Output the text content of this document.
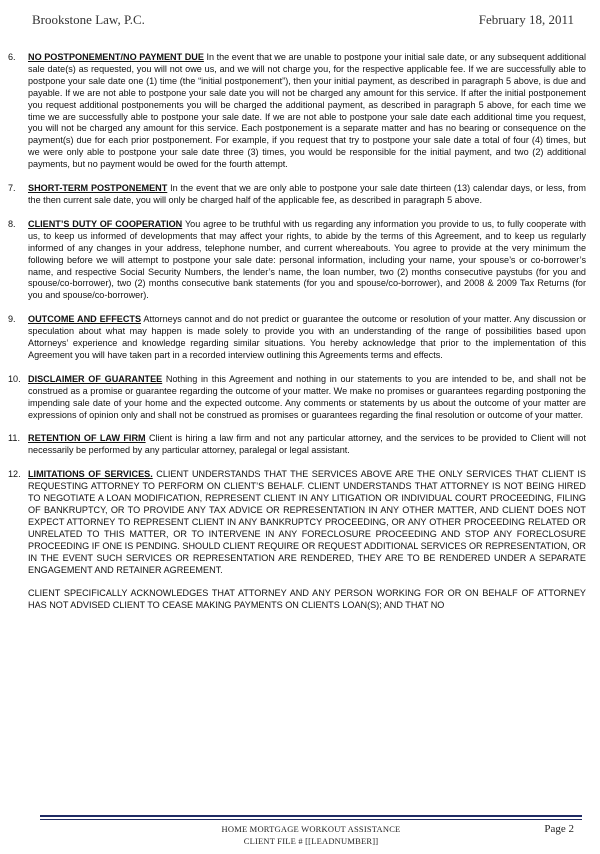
Brookstone Law, P.C.	February 18, 2011
6.	NO POSTPONEMENT/NO PAYMENT DUE In the event that we are unable to postpone your initial sale date, or any subsequent additional sale date(s) as requested, you will not owe us, and we will not charge you, for the respective applicable fee. If we are successfully able to postpone your sale date one (1) time (the “initial postponement”), then your initial payment, as described in paragraph 5 above, is due and payable. If we are not able to postpone your sale date you will not be charged any amount for this service. If after the initial postponement you request additional postponements you will be charged the additional payment, as described in paragraph 5 above, for each time we time we are successfully able to postpone your sale date. If we are not able to postpone your sale date each additional time you request, you will not be charged any amount for this service. Each postponement is a separate matter and has no bearing or consequence on the payment(s) due for each prior postponement. For example, if you request that try to postpone your sale date a total of four (4) times, but we were only able to postpone your sale date three (3) times, you would be responsible for the initial payment, and two (2) additional payments, but no payment would be owed for the fourth attempt.
7.	SHORT-TERM POSTPONEMENT In the event that we are only able to postpone your sale date thirteen (13) calendar days, or less, from the then current sale date, you will only be charged half of the applicable fee, as described in paragraph 5 above.
8.	CLIENT’S DUTY OF COOPERATION You agree to be truthful with us regarding any information you provide to us, to fully cooperate with us, to keep us informed of developments that may affect your rights, to abide by the terms of this Agreement, and to keep us regularly informed of any changes in your address, telephone number, and current whereabouts. You agree to provide at the very minimum the following before we will attempt to postpone your sale date: personal information, including your name, your spouse’s or co-borrower’s name, and respective Social Security Numbers, the lender’s name, the loan number, two (2) months consecutive paystubs (for you and spouse/co-borrower), two (2) months consecutive bank statements (for you and spouse/co-borrower), and 2008 & 2009 Tax Returns (for you and spouse/co-borrower).
9.	OUTCOME AND EFFECTS Attorneys cannot and do not predict or guarantee the outcome or resolution of your matter. Any discussion or speculation about what may happen is made solely to provide you with an understanding of the range of possibilities based upon Attorneys’ experience and knowledge regarding similar situations. You hereby acknowledge that prior to the implementation of this Agreement you will have taken part in a recorded interview outlining this Agreements terms and effects.
10. DISCLAIMER OF GUARANTEE Nothing in this Agreement and nothing in our statements to you are intended to be, and shall not be construed as a promise or guarantee regarding the outcome of your matter. We make no promises or guarantees regarding postponing the impending sale date of your home and the expected outcome. Any comments or statements by us about the outcome of your matter are expressions of opinion only and shall not be construed as promises or guarantees regarding the final resolution or outcome of your matter.
11. RETENTION OF LAW FIRM Client is hiring a law firm and not any particular attorney, and the services to be provided to Client will not necessarily be performed by any particular attorney, paralegal or legal assistant.
12. LIMITATIONS OF SERVICES. CLIENT UNDERSTANDS THAT THE SERVICES ABOVE ARE THE ONLY SERVICES THAT CLIENT IS REQUESTING ATTORNEY TO PERFORM ON CLIENT’S BEHALF. CLIENT UNDERSTANDS THAT ATTORNEY IS NOT BEING HIRED TO NEGOTIATE A LOAN MODIFICATION, REPRESENT CLIENT IN ANY LITIGATION OR INDIVIDUAL COURT PROCEEDING, FILING OF BANKRUPTCY, OR TO PROVIDE ANY TAX ADVICE OR REPRESENTATION IN ANY OTHER MATTER, AND CLIENT DOES NOT EXPECT ATTORNEY TO REPRESENT CLIENT IN ANY BANKRUPTCY PROCEEDING, OR ANY OTHER PROCEEDING RELATED OR UNRELATED TO THIS MATTER, OR TO INTERVENE IN ANY FORECLOSURE PROCEEDING AND STOP ANY FORECLOSURE PROCEEDING IF ONE IS PENDING. SHOULD CLIENT REQUIRE OR REQUEST ADDITIONAL SERVICES OR REPRESENTATION, OR IN THE EVENT SUCH SERVICES OR REPRESENTATION ARE RENDERED, THEY ARE TO BE RENDERED UNDER A SEPARATE ENGAGEMENT AND RETAINER AGREEMENT.
CLIENT SPECIFICALLY ACKNOWLEDGES THAT ATTORNEY AND ANY PERSON WORKING FOR OR ON BEHALF OF ATTORNEY HAS NOT ADVISED CLIENT TO CEASE MAKING PAYMENTS ON CLIENTS LOAN(S); AND THAT NO
HOME MORTGAGE WORKOUT ASSISTANCE
CLIENT FILE # [[LEADNUMBER]]
Page 2
